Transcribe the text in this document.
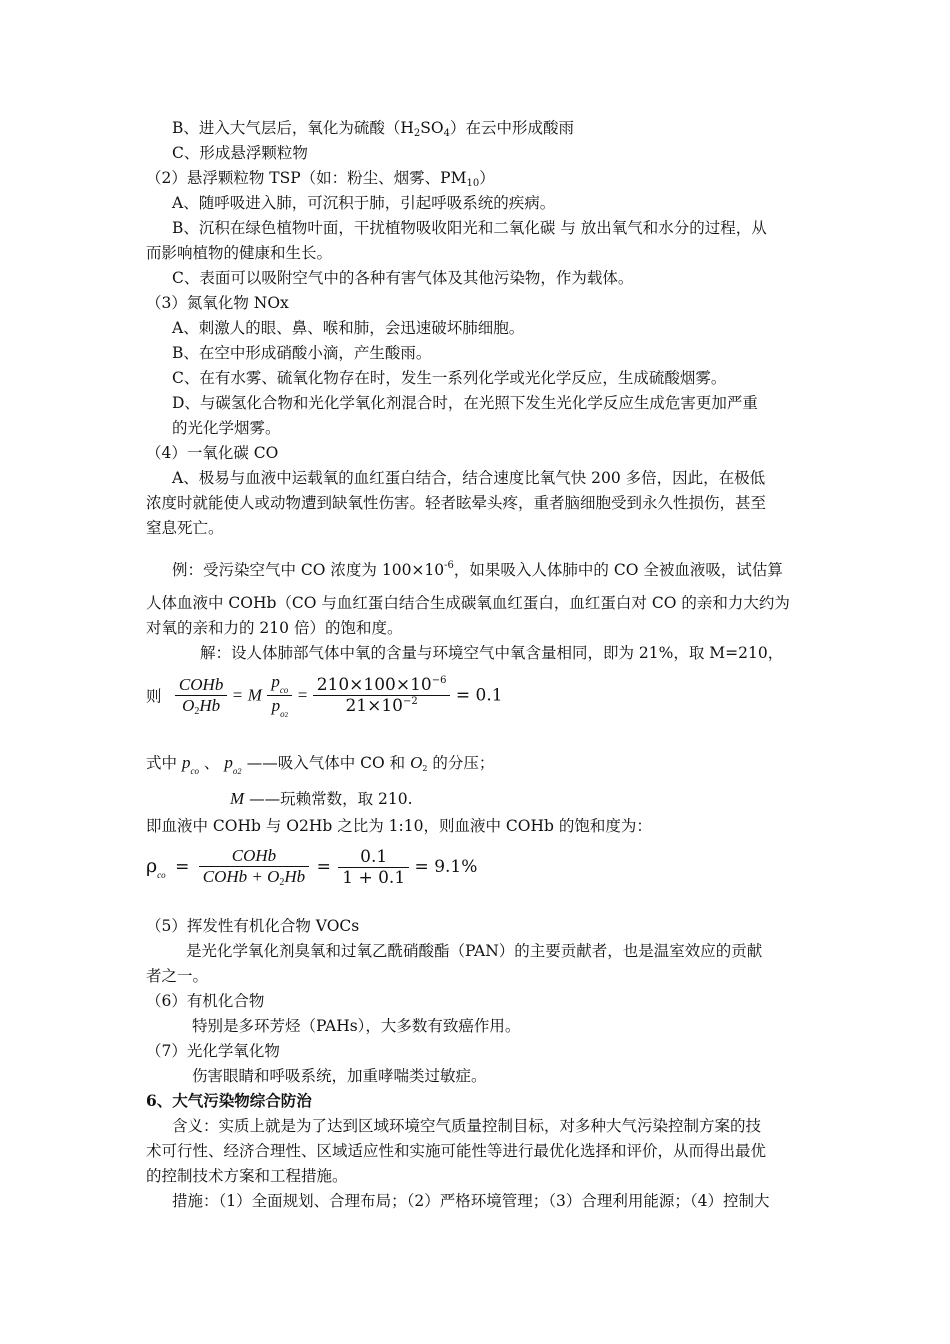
B、进入大气层后，氧化为硫酸$(H_2SO_4)$在云中形成酸雨
C、形成悬浮颗粒物
（2）悬浮颗粒物 TSP（如：粉尘、烟雾、$PM_{10}$）
A、随呼吸进入肺，可沉积于肺，引起呼吸系统的疾病。
B、沉积在绿色植物叶面，干扰植物吸收阳光和二氧化碳 与 放出氧气和水分的过程，从
而影响植物的健康和生长。
C、表面可以吸附空气中的各种有害气体及其他污染物，作为载体。
（3）氮氧化物 NOx
A、刺激人的眼、鼻、喉和肺，会迅速破坏肺细胞。
B、在空中形成硝酸小滴，产生酸雨。
C、在有水雾、硫氧化物存在时，发生一系列化学或光化学反应，生成硫酸烟雾。
D、与碳氢化合物和光化学氧化剂混合时，在光照下发生光化学反应生成危害更加严重
的光化学烟雾。
（4）一氧化碳 CO
A、极易与血液中运载氧的血红蛋白结合，结合速度比氧气快 200 多倍，因此，在极低
浓度时就能使人或动物遭到缺氧性伤害。轻者眩晕头疼，重者脑细胞受到永久性损伤，甚至
窒息死亡。
例：受污染空气中 CO 浓度为 $100\times 10^{-6}$，如果吸入人体肺中的 CO 全被血液吸，试估算
人体血液中 COHb（CO 与血红蛋白结合生成碳氧血红蛋白，血红蛋白对 CO 的亲和力大约为
对氧的亲和力的 210 倍）的饱和度。
解：设人体肺部气体中氧的含量与环境空气中氧含量相同，即为 21%，取 M=210，
则 $\frac{\text{COHb}}{O_2Hb} = M \frac{p_{co}}{p_{o2}} = \frac{210\times 100\times 10^{-6}}{21\times 10^{-2}} = 0.1$
式中 $p_{co}$ 、 $p_{o2}$ ——吸入气体中 CO 和 $O_2$ 的分压；
M ——玩赖常数，取 210.
即血液中 COHb 与 O2Hb 之比为 1:10，则血液中 COHb 的饱和度为：
$\rho_{co} = \frac{\text{COHb}}{COHb + O_2Hb} = \frac{0.1}{1 + 0.1} = 9.1\%$
（5）挥发性有机化合物 VOCs
是光化学氧化剂臭氧和过氧乙酰硝酸酯（PAN）的主要贡献者，也是温室效应的贡献
者之一。
（6）有机化合物
特别是多环芳烃（PAHs），大多数有致癌作用。
（7）光化学氧化物
伤害眼睛和呼吸系统，加重哮喘类过敏症。
6、大气污染物综合防治
含义：实质上就是为了达到区域环境空气质量控制目标，对多种大气污染控制方案的技
术可行性、经济合理性、区域适应性和实施可能性等进行最优化选择和评价，从而得出最优
的控制技术方案和工程措施。
措施：（1）全面规划、合理布局；（2）严格环境管理；（3）合理利用能源；（4）控制大
